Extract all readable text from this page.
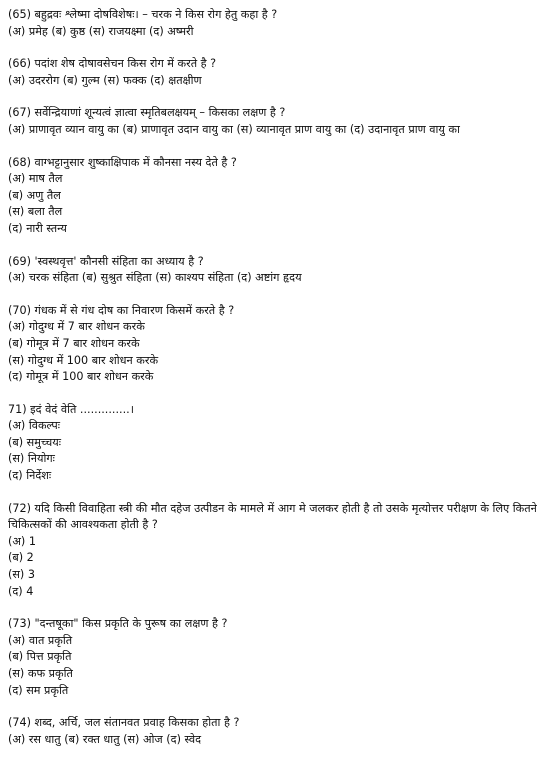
(65) बहुद्रवः श्लेष्मा दोषविशेषः। – चरक ने किस रोग हेतु कहा है ?
(अ) प्रमेह (ब) कुष्ठ (स) राजयक्ष्मा (द) अष्मरी
(66) पदांश शेष दोषावसेचन किस रोग में करते है ?
(अ) उदररोग (ब) गुल्म (स) फक्क (द) क्षतक्षीण
(67) सर्वेन्द्रियाणां शून्यत्वं ज्ञात्वा स्मृतिबलक्षयम् – किसका लक्षण है ?
(अ) प्राणावृत व्यान वायु का (ब) प्राणावृत उदान वायु का (स) व्यानावृत प्राण वायु का (द) उदानावृत प्राण वायु का
(68) वाग्भट्टानुसार शुष्काक्षिपाक में कौनसा नस्य देते है ?
(अ) माष तैल
(ब) अणु तैल
(स) बला तैल
(द) नारी स्तन्य
(69) 'स्वस्थवृत्त' कौनसी संहिता का अध्याय है ?
(अ) चरक संहिता (ब) सुश्रुत संहिता (स) काश्यप संहिता (द) अष्टांग हृदय
(70) गंधक में से गंध दोष का निवारण किसमें करते है ?
(अ) गोदुग्ध में 7 बार शोधन करके
(ब) गोमूत्र में 7 बार शोधन करके
(स) गोदुग्ध में 100 बार शोधन करके
(द) गोमूत्र में 100 बार शोधन करके
71) इदं वेदं वेति ..............।
(अ) विकल्पः
(ब) समुच्चयः
(स) नियोगः
(द) निर्देशः
(72) यदि किसी विवाहिता स्त्री की मौत दहेज उत्पीडन के मामले में आग मे जलकर होती है तो उसके मृत्योत्तर परीक्षण के लिए कितने चिकित्सकों की आवश्यकता होती है ?
(अ) 1
(ब) 2
(स) 3
(द) 4
(73) "दन्तषूका" किस प्रकृति के पुरूष का लक्षण है ?
(अ) वात प्रकृति
(ब) पित्त प्रकृति
(स) कफ प्रकृति
(द) सम प्रकृति
(74) शब्द, अर्चि, जल संतानवत प्रवाह किसका होता है ?
(अ) रस धातु (ब) रक्त धातु (स) ओज (द) स्वेद
